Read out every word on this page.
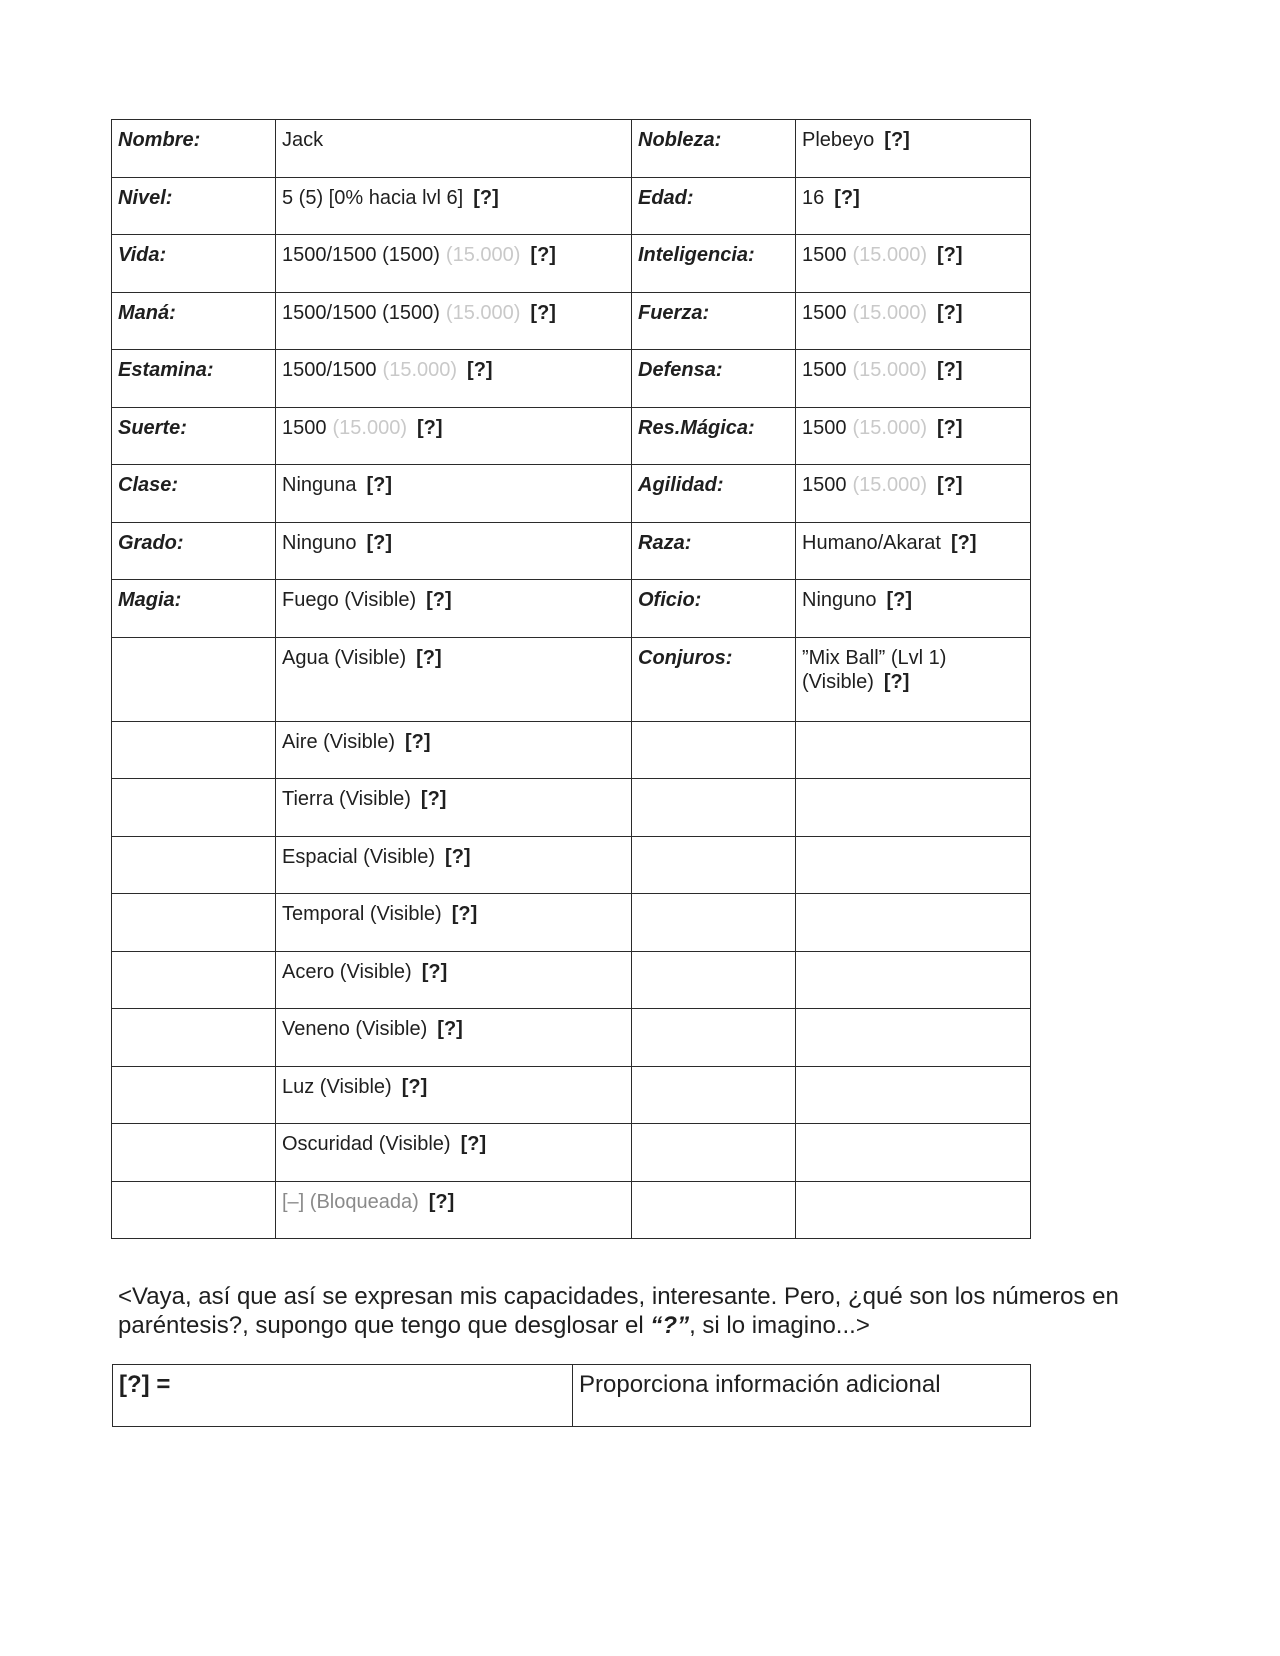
Nombre:	Jack	Nobleza:	Plebeyo [?]
Nivel:	5 (5) [0% hacia lvl 6] [?]	Edad:	16 [?]
Vida:	1500/1500 (1500) (15.000) [?]	Inteligencia:	1500 (15.000) [?]
Maná:	1500/1500 (1500) (15.000) [?]	Fuerza:	1500 (15.000) [?]
Estamina:	1500/1500 (15.000) [?]	Defensa:	1500 (15.000) [?]
Suerte:	1500 (15.000) [?]	Res.Mágica:	1500 (15.000) [?]
Clase:	Ninguna [?]	Agilidad:	1500 (15.000) [?]
Grado:	Ninguno [?]	Raza:	Humano/Akarat [?]
Magia:	Fuego (Visible) [?]	Oficio:	Ninguno [?]
	Agua (Visible) [?]	Conjuros:	”Mix Ball” (Lvl 1)
(Visible) [?]
	Aire (Visible) [?]		
	Tierra (Visible) [?]		
	Espacial (Visible) [?]		
	Temporal (Visible) [?]		
	Acero (Visible) [?]		
	Veneno (Visible) [?]		
	Luz (Visible) [?]		
	Oscuridad (Visible) [?]		
	[–] (Bloqueada) [?]		

<Vaya, así que así se expresan mis capacidades, interesante. Pero, ¿qué son los números en paréntesis?, supongo que tengo que desglosar el “?”, si lo imagino...>

[?] =	Proporciona información adicional
